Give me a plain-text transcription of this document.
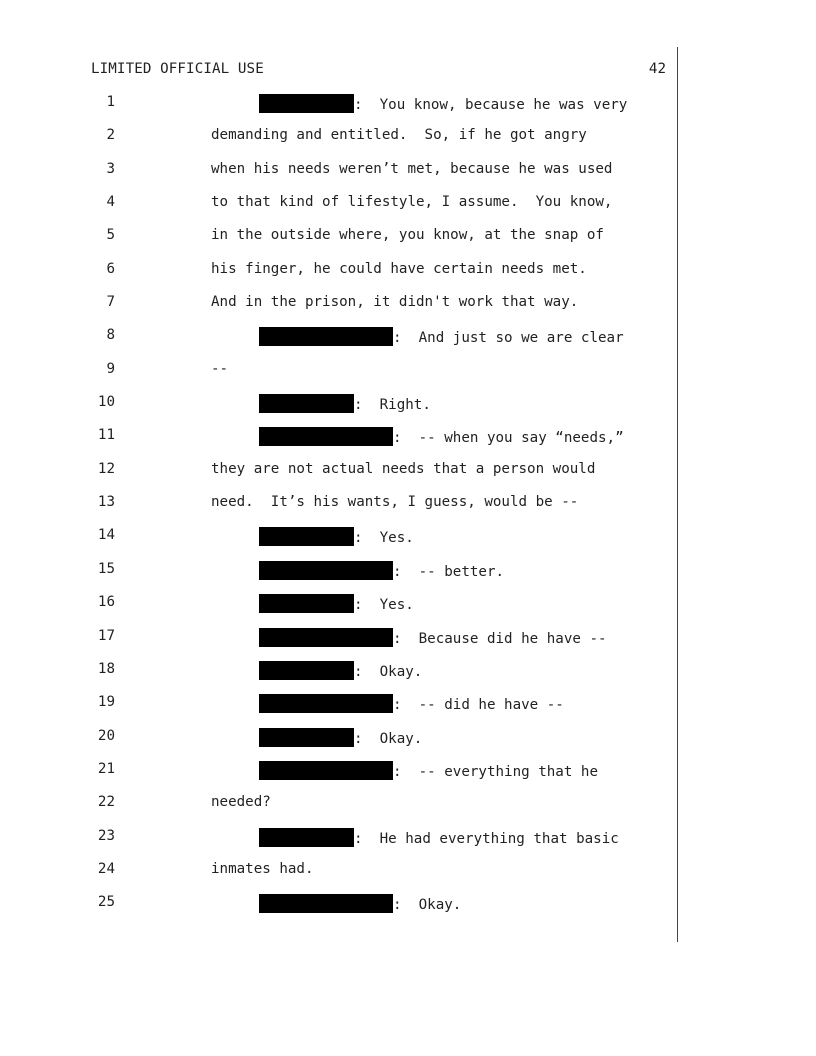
LIMITED OFFICIAL USE	42
1	:  You know, because he was very
2	demanding and entitled.  So, if he got angry
3	when his needs weren’t met, because he was used
4	to that kind of lifestyle, I assume.  You know,
5	in the outside where, you know, at the snap of
6	his finger, he could have certain needs met.
7	And in the prison, it didn't work that way.
8	:  And just so we are clear
9	--
10	:  Right.
11	:  -- when you say “needs,”
12	they are not actual needs that a person would
13	need.  It’s his wants, I guess, would be --
14	:  Yes.
15	:  -- better.
16	:  Yes.
17	:  Because did he have --
18	:  Okay.
19	:  -- did he have --
20	:  Okay.
21	:  -- everything that he
22	needed?
23	:  He had everything that basic
24	inmates had.
25	:  Okay.
